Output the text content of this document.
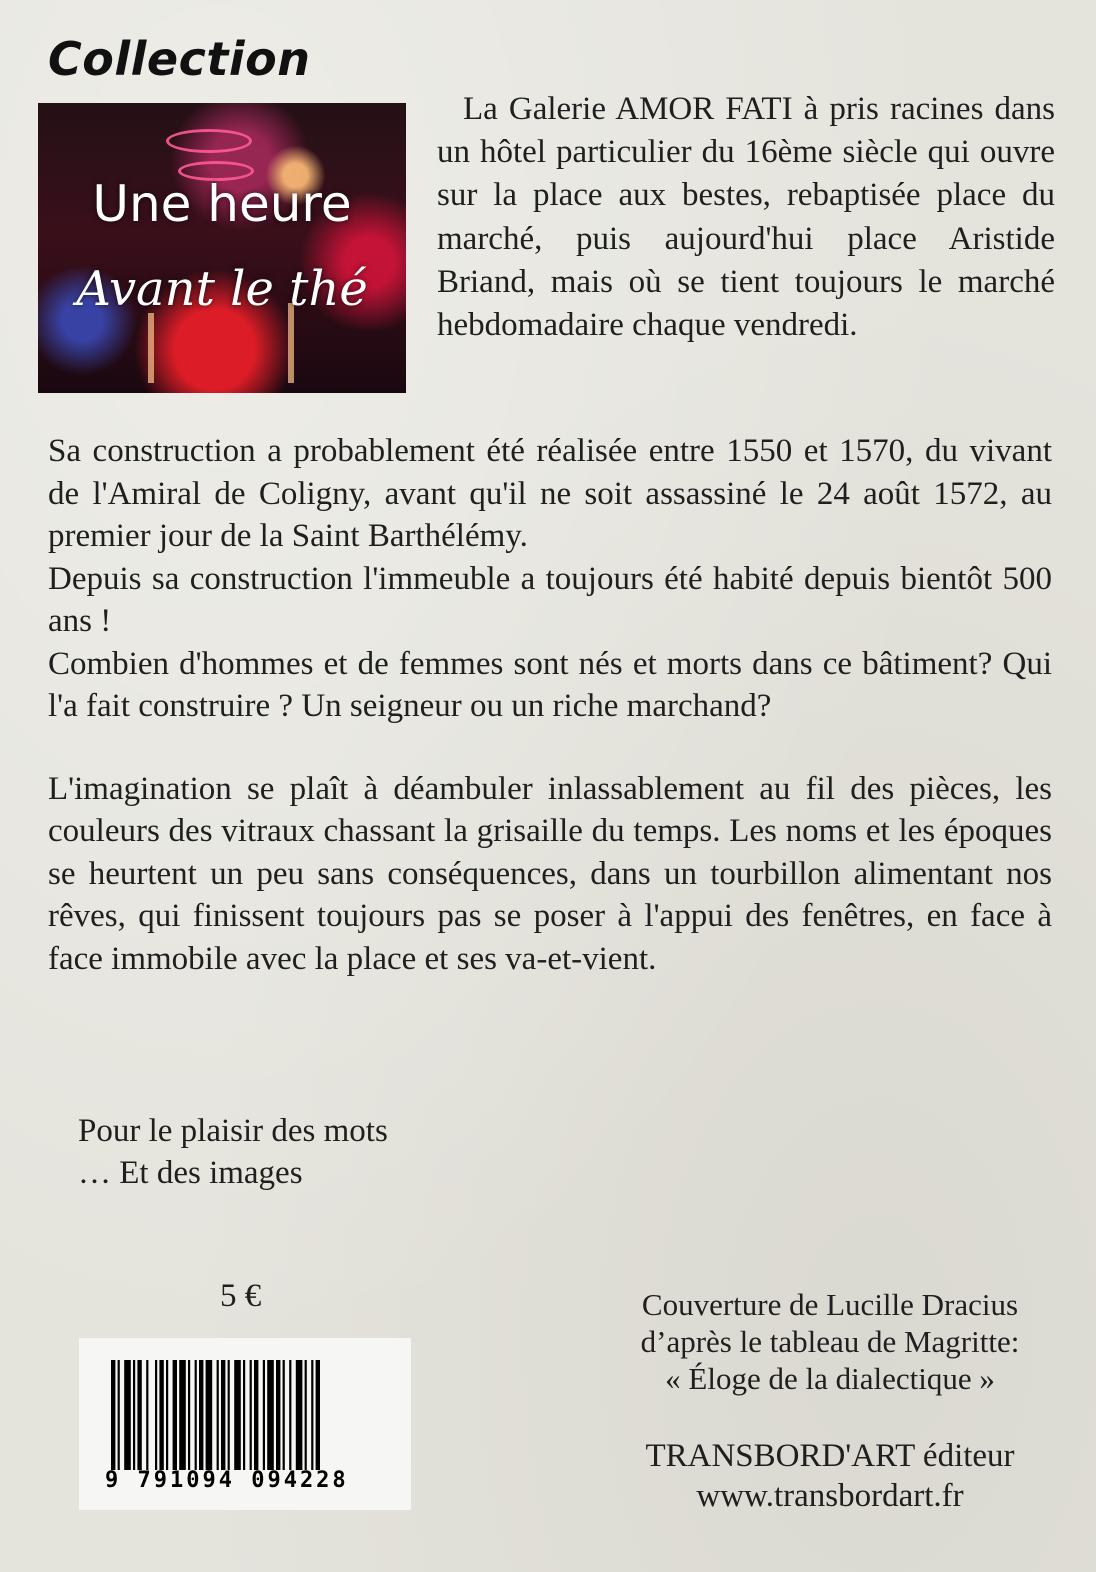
Collection
Une heure
Avant le thé

La Galerie AMOR FATI à pris racines dans un hôtel particulier du 16ème siècle qui ouvre sur la place aux bestes, rebaptisée place du marché, puis aujourd'hui place Aristide Briand, mais où se tient toujours le marché hebdomadaire chaque vendredi.

Sa construction a probablement été réalisée entre 1550 et 1570, du vivant de l'Amiral de Coligny, avant qu'il ne soit assassiné le 24 août 1572, au premier jour de la Saint Barthélémy.

Depuis sa construction l'immeuble a toujours été habité depuis bientôt 500 ans !

Combien d'hommes et de femmes sont nés et morts dans ce bâtiment? Qui l'a fait construire ? Un seigneur ou un riche marchand?

L'imagination se plaît à déambuler inlassablement au fil des pièces, les couleurs des vitraux chassant la grisaille du temps. Les noms et les époques se heurtent un peu sans conséquences, dans un tourbillon alimentant nos rêves, qui finissent toujours pas se poser à l'appui des fenêtres, en face à face immobile avec la place et ses va-et-vient.

Pour le plaisir des mots
… Et des images
5 €
9 791094 094228
Couverture de Lucille Dracius
d’après le tableau de Magritte:
« Éloge de la dialectique »
TRANSBORD'ART éditeur
www.transbordart.fr
